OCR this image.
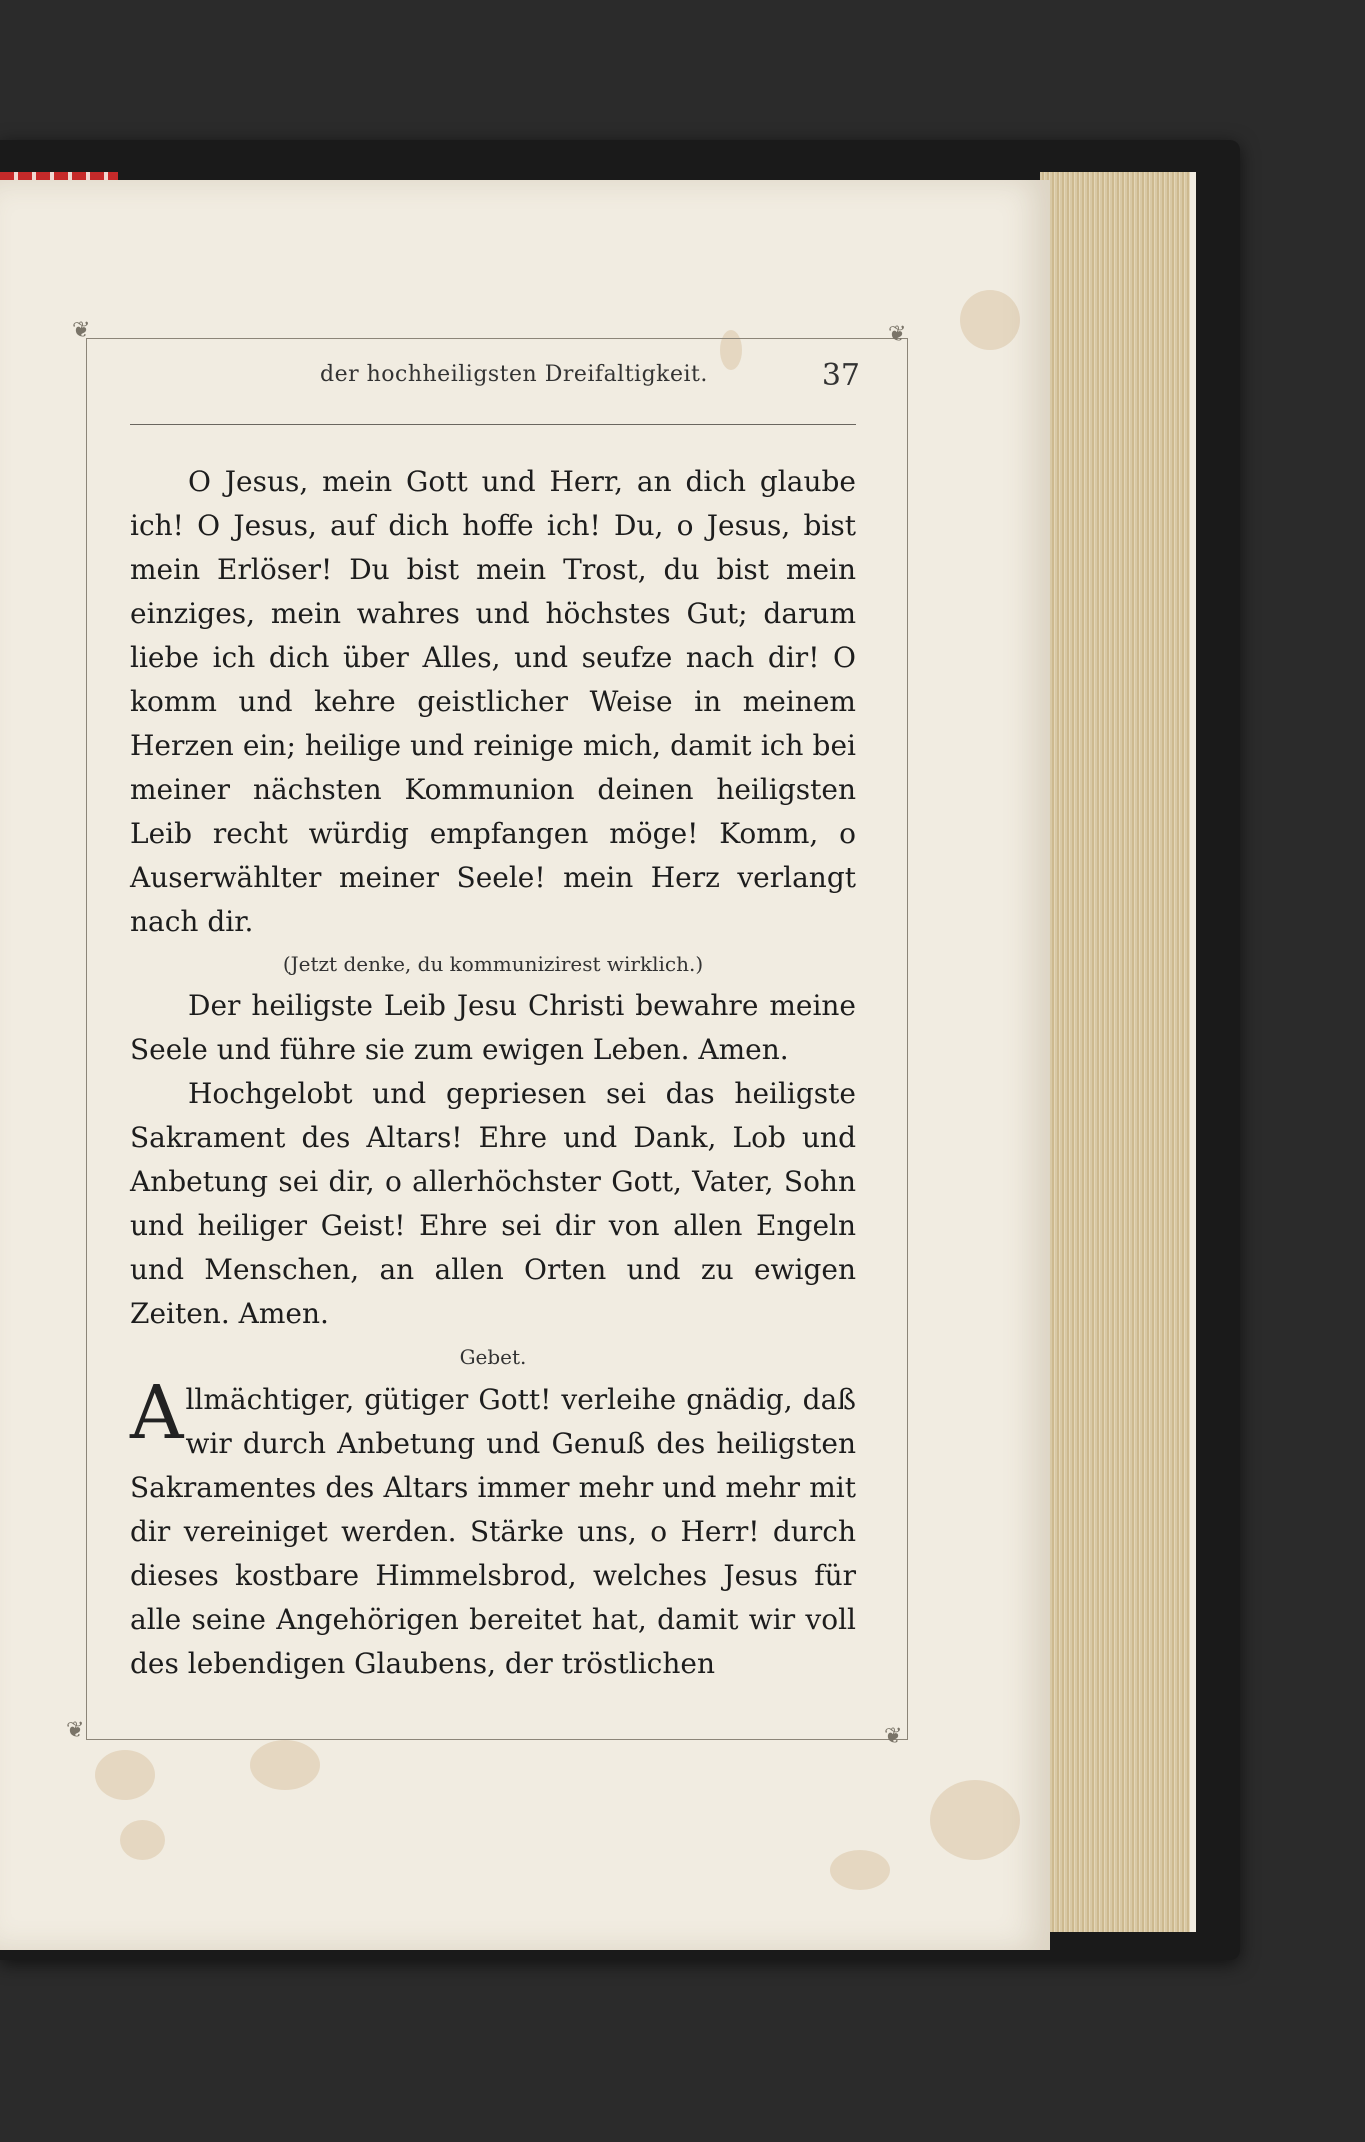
❦	❦
❦	❦
der hochheiligsten Dreifaltigkeit.	37

O Jesus, mein Gott und Herr, an dich glaube ich! O Jesus, auf dich hoffe ich! Du, o Jesus, bist mein Erlöser! Du bist mein Trost, du bist mein einziges, mein wahres und höchstes Gut; darum liebe ich dich über Alles, und seufze nach dir! O komm und kehre geistlicher Weise in meinem Herzen ein; heilige und reinige mich, damit ich bei meiner nächsten Kommunion deinen heiligsten Leib recht würdig empfangen möge! Komm, o Auserwählter meiner Seele! mein Herz verlangt nach dir.

(Jetzt denke, du kommunizirest wirklich.)

Der heiligste Leib Jesu Christi bewahre meine Seele und führe sie zum ewigen Leben. Amen.

Hochgelobt und gepriesen sei das heiligste Sakrament des Altars! Ehre und Dank, Lob und Anbetung sei dir, o allerhöchster Gott, Vater, Sohn und heiliger Geist! Ehre sei dir von allen Engeln und Menschen, an allen Orten und zu ewigen Zeiten. Amen.

Gebet.

Allmächtiger, gütiger Gott! verleihe gnädig, daß wir durch Anbetung und Genuß des heiligsten Sakramentes des Altars immer mehr und mehr mit dir vereiniget werden. Stärke uns, o Herr! durch dieses kostbare Himmelsbrod, welches Jesus für alle seine Angehörigen bereitet hat, damit wir voll des lebendigen Glaubens, der tröstlichen
